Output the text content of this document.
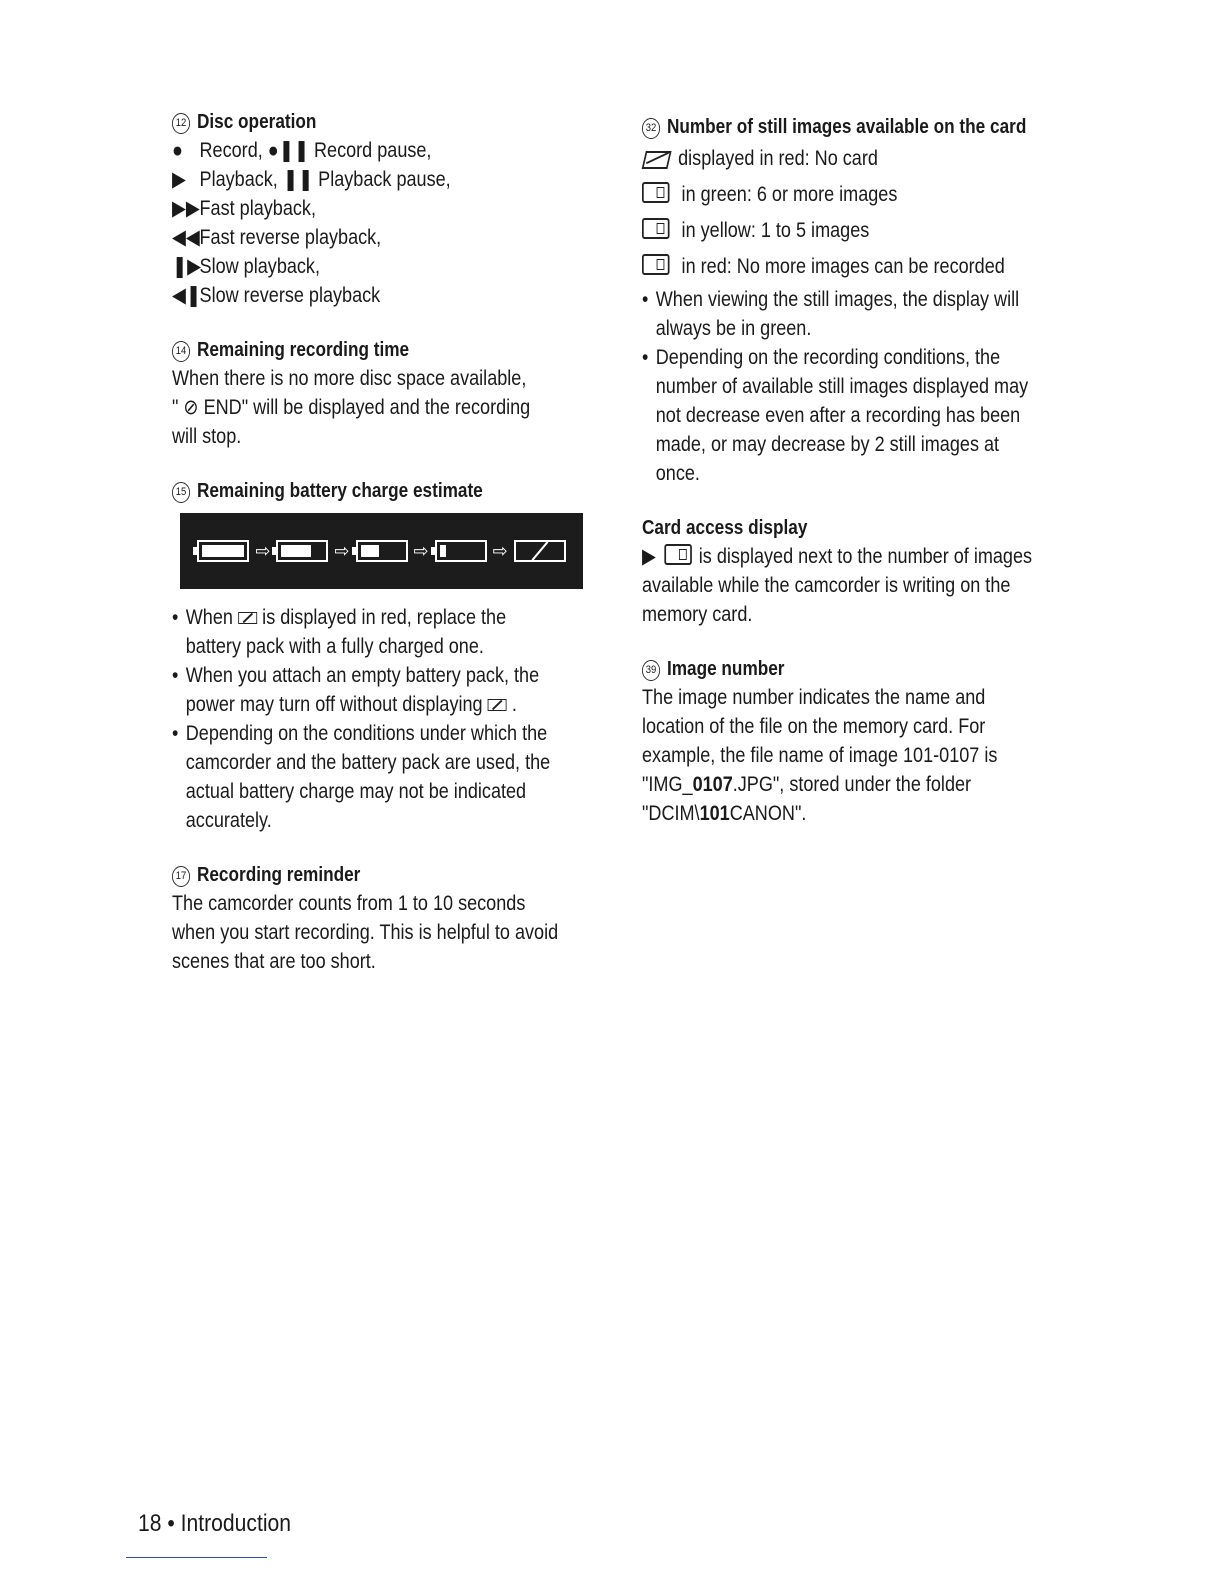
12 Disc operation
● Record, ●❚❚ Record pause,
▶ Playback, ❚❚ Playback pause,
▶▶Fast playback,
◀◀Fast reverse playback,
❚▶Slow playback,
◀❚Slow reverse playback
14 Remaining recording time
When there is no more disc space available,
" ⊘ END" will be displayed and the recording
will stop.
15 Remaining battery charge estimate
⇨	⇨	⇨	⇨
• When is displayed in red, replace the
battery pack with a fully charged one.
• When you attach an empty battery pack, the
power may turn off without displaying .
• Depending on the conditions under which the
camcorder and the battery pack are used, the
actual battery charge may not be indicated
accurately.
17 Recording reminder
The camcorder counts from 1 to 10 seconds
when you start recording. This is helpful to avoid
scenes that are too short.
32 Number of still images available on the card
displayed in red: No card
in green: 6 or more images
in yellow: 1 to 5 images
in red: No more images can be recorded
• When viewing the still images, the display will
always be in green.
• Depending on the recording conditions, the
number of available still images displayed may
not decrease even after a recording has been
made, or may decrease by 2 still images at
once.
Card access display
▶ is displayed next to the number of images
available while the camcorder is writing on the
memory card.
39 Image number
The image number indicates the name and
location of the file on the memory card. For
example, the file name of image 101-0107 is
"IMG_0107.JPG", stored under the folder
"DCIM\101CANON".
18 • Introduction
